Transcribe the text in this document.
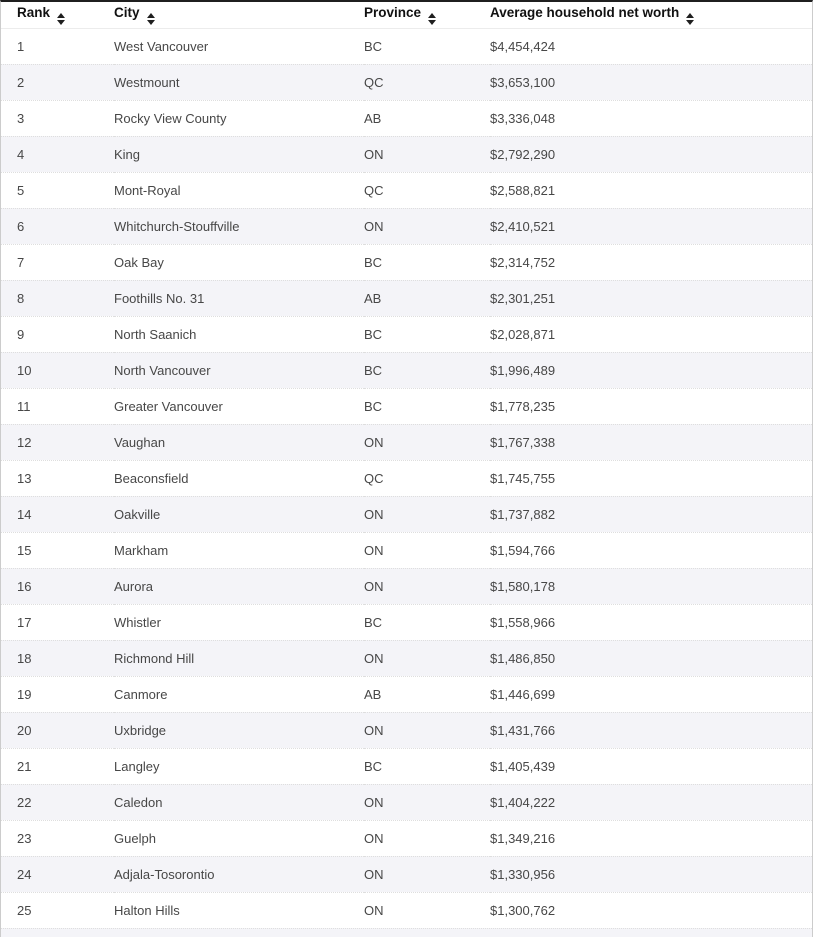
Rank	City	Province	Average household net worth

1	West Vancouver	BC	$4,454,424
2	Westmount	QC	$3,653,100
3	Rocky View County	AB	$3,336,048
4	King	ON	$2,792,290
5	Mont-Royal	QC	$2,588,821
6	Whitchurch-Stouffville	ON	$2,410,521
7	Oak Bay	BC	$2,314,752
8	Foothills No. 31	AB	$2,301,251
9	North Saanich	BC	$2,028,871
10	North Vancouver	BC	$1,996,489
11	Greater Vancouver	BC	$1,778,235
12	Vaughan	ON	$1,767,338
13	Beaconsfield	QC	$1,745,755
14	Oakville	ON	$1,737,882
15	Markham	ON	$1,594,766
16	Aurora	ON	$1,580,178
17	Whistler	BC	$1,558,966
18	Richmond Hill	ON	$1,486,850
19	Canmore	AB	$1,446,699
20	Uxbridge	ON	$1,431,766
21	Langley	BC	$1,405,439
22	Caledon	ON	$1,404,222
23	Guelph	ON	$1,349,216
24	Adjala-Tosorontio	ON	$1,330,956
25	Halton Hills	ON	$1,300,762
